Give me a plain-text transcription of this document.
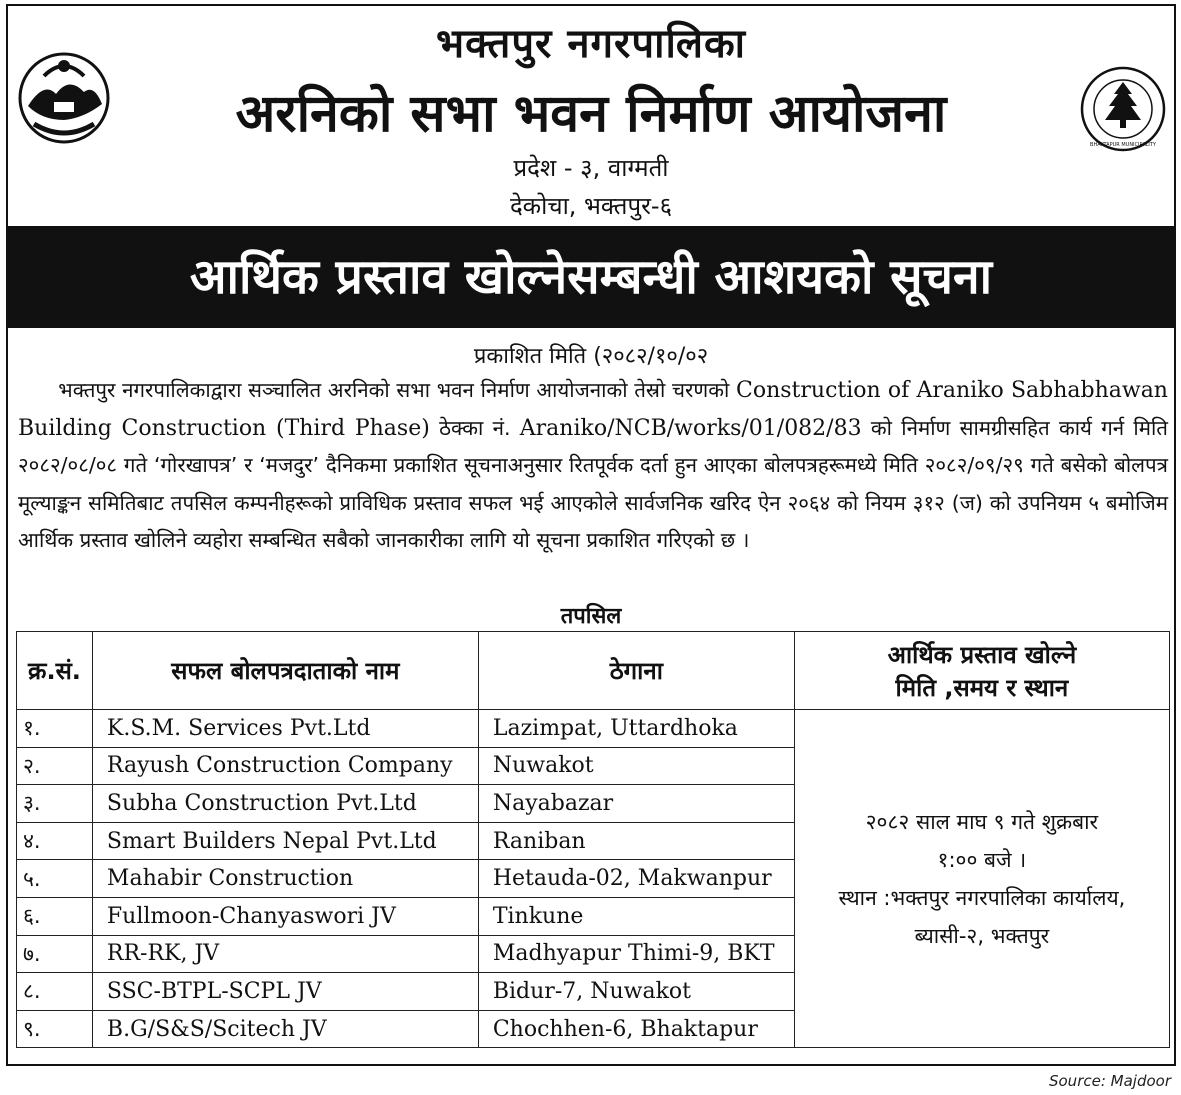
भक्तपुर नगरपालिका
अरनिको सभा भवन निर्माण आयोजना
प्रदेश - ३, वाग्मती
देकोचा, भक्तपुर-६
BHAKTAPUR MUNICIPALITY
आर्थिक प्रस्ताव खोल्नेसम्बन्धी आशयको सूचना
प्रकाशित मिति (२०८२/१०/०२
भक्तपुर नगरपालिकाद्वारा सञ्चालित अरनिको सभा भवन निर्माण आयोजनाको तेस्रो चरणको Construction of Araniko Sabhabhawan Building Construction (Third Phase) ठेक्का नं. Araniko/NCB/works/01/082/83 को निर्माण सामग्रीसहित कार्य गर्न मिति २०८२/०८/०८ गते ‘गोरखापत्र’ र ‘मजदुर’ दैनिकमा प्रकाशित सूचनाअनुसार रितपूर्वक दर्ता हुन आएका बोलपत्रहरूमध्ये मिति २०८२/०९/२९ गते बसेको बोलपत्र मूल्याङ्कन समितिबाट तपसिल कम्पनीहरूको प्राविधिक प्रस्ताव सफल भई आएकोले सार्वजनिक खरिद ऐन २०६४ को नियम ३१२ (ज) को उपनियम ५ बमोजिम आर्थिक प्रस्ताव खोलिने व्यहोरा सम्बन्धित सबैको जानकारीका लागि यो सूचना प्रकाशित गरिएको छ ।
तपसिल
क्र.सं.	सफल बोलपत्रदाताको नाम	ठेगाना	आर्थिक प्रस्ताव खोल्ने
मिति ,समय र स्थान

१.	K.S.M. Services Pvt.Ltd	Lazimpat, Uttardhoka	२०८२ साल माघ ९ गते शुक्रबार
१:०० बजे ।
स्थान :भक्तपुर नगरपालिका कार्यालय,
ब्यासी-२, भक्तपुर

२.	Rayush Construction Company	Nuwakot	
३.	Subha Construction Pvt.Ltd	Nayabazar	
४.	Smart Builders Nepal Pvt.Ltd	Raniban	
५.	Mahabir Construction	Hetauda-02, Makwanpur	
६.	Fullmoon-Chanyaswori JV	Tinkune	
७.	RR-RK, JV	Madhyapur Thimi-9, BKT	
८.	SSC-BTPL-SCPL JV	Bidur-7, Nuwakot	
९.	B.G/S&S/Scitech JV	Chochhen-6, Bhaktapur	
Source: Majdoor
